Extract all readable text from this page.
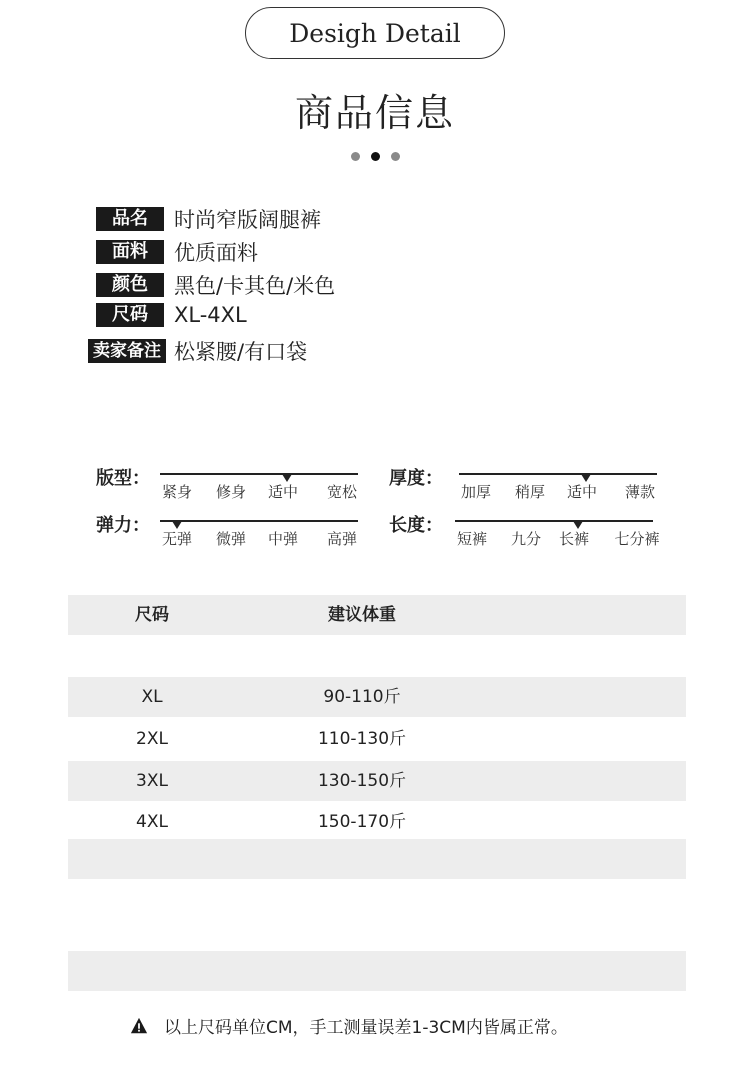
Desigh Detail
商品信息
品名	时尚窄版阔腿裤
面料	优质面料
颜色	黑色/卡其色/米色
尺码	XL-4XL
卖家备注 松紧腰/有口袋
版型：
紧身 修身 适中 宽松
厚度：
加厚 稍厚 适中 薄款
弹力：
无弹 微弹 中弹 高弹
长度：
短裤 九分 长裤 七分裤
尺码	建议体重
XL	90-110斤
2XL	110-130斤
3XL	130-150斤
4XL	150-170斤
以上尺码单位CM，手工测量误差1-3CM内皆属正常。
